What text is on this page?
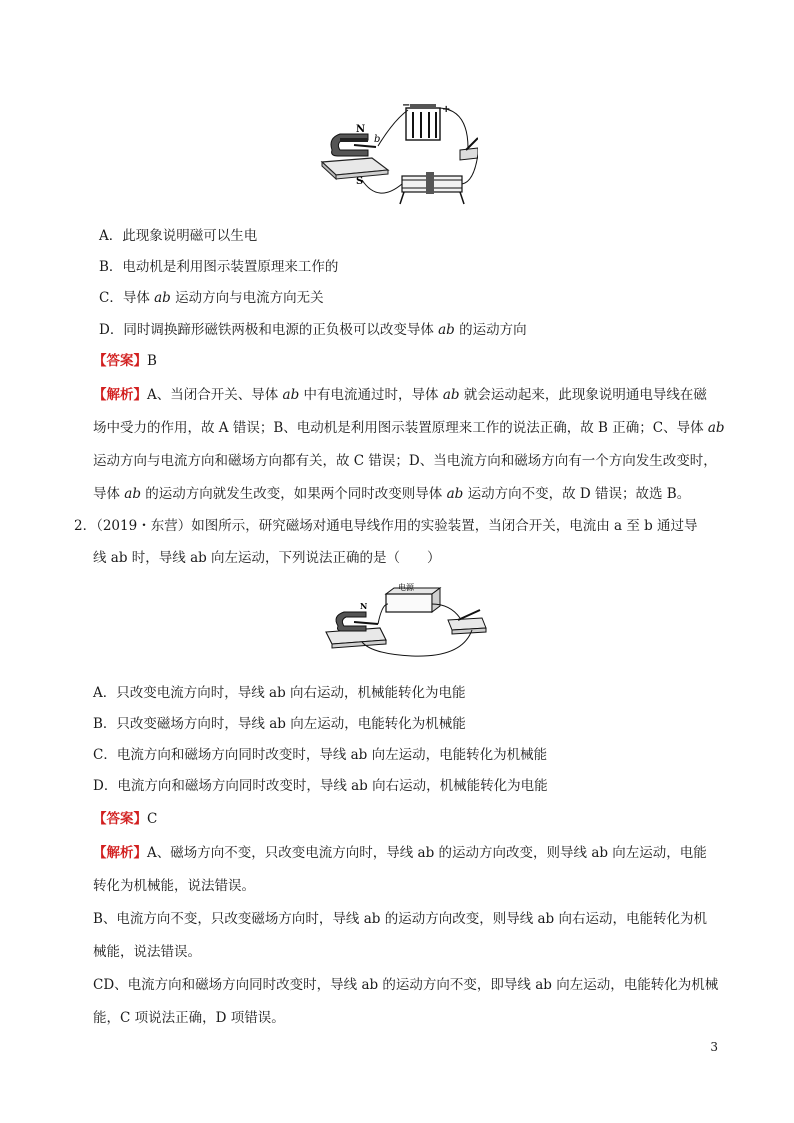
N
S
b
−	+
A．此现象说明磁可以生电
B．电动机是利用图示装置原理来工作的
C．导体 ab 运动方向与电流方向无关
D．同时调换蹄形磁铁两极和电源的正负极可以改变导体 ab 的运动方向
【答案】B
【解析】A、当闭合开关、导体 ab 中有电流通过时，导体 ab 就会运动起来，此现象说明通电导线在磁
场中受力的作用，故 A 错误；B、电动机是利用图示装置原理来工作的说法正确，故 B 正确；C、导体 ab
运动方向与电流方向和磁场方向都有关，故 C 错误；D、当电流方向和磁场方向有一个方向发生改变时，
导体 ab 的运动方向就发生改变，如果两个同时改变则导体 ab 运动方向不变，故 D 错误；故选 B。
2．（2019・东营）如图所示，研究磁场对通电导线作用的实验装置，当闭合开关，电流由 a 至 b 通过导
线 ab 时，导线 ab 向左运动，下列说法正确的是（　　）
电源
N
A．只改变电流方向时，导线 ab 向右运动，机械能转化为电能
B．只改变磁场方向时，导线 ab 向左运动，电能转化为机械能
C．电流方向和磁场方向同时改变时，导线 ab 向左运动，电能转化为机械能
D．电流方向和磁场方向同时改变时，导线 ab 向右运动，机械能转化为电能
【答案】C
【解析】A、磁场方向不变，只改变电流方向时，导线 ab 的运动方向改变，则导线 ab 向左运动，电能
转化为机械能，说法错误。
B、电流方向不变，只改变磁场方向时，导线 ab 的运动方向改变，则导线 ab 向右运动，电能转化为机
械能，说法错误。
CD、电流方向和磁场方向同时改变时，导线 ab 的运动方向不变，即导线 ab 向左运动，电能转化为机械
能，C 项说法正确，D 项错误。
3
